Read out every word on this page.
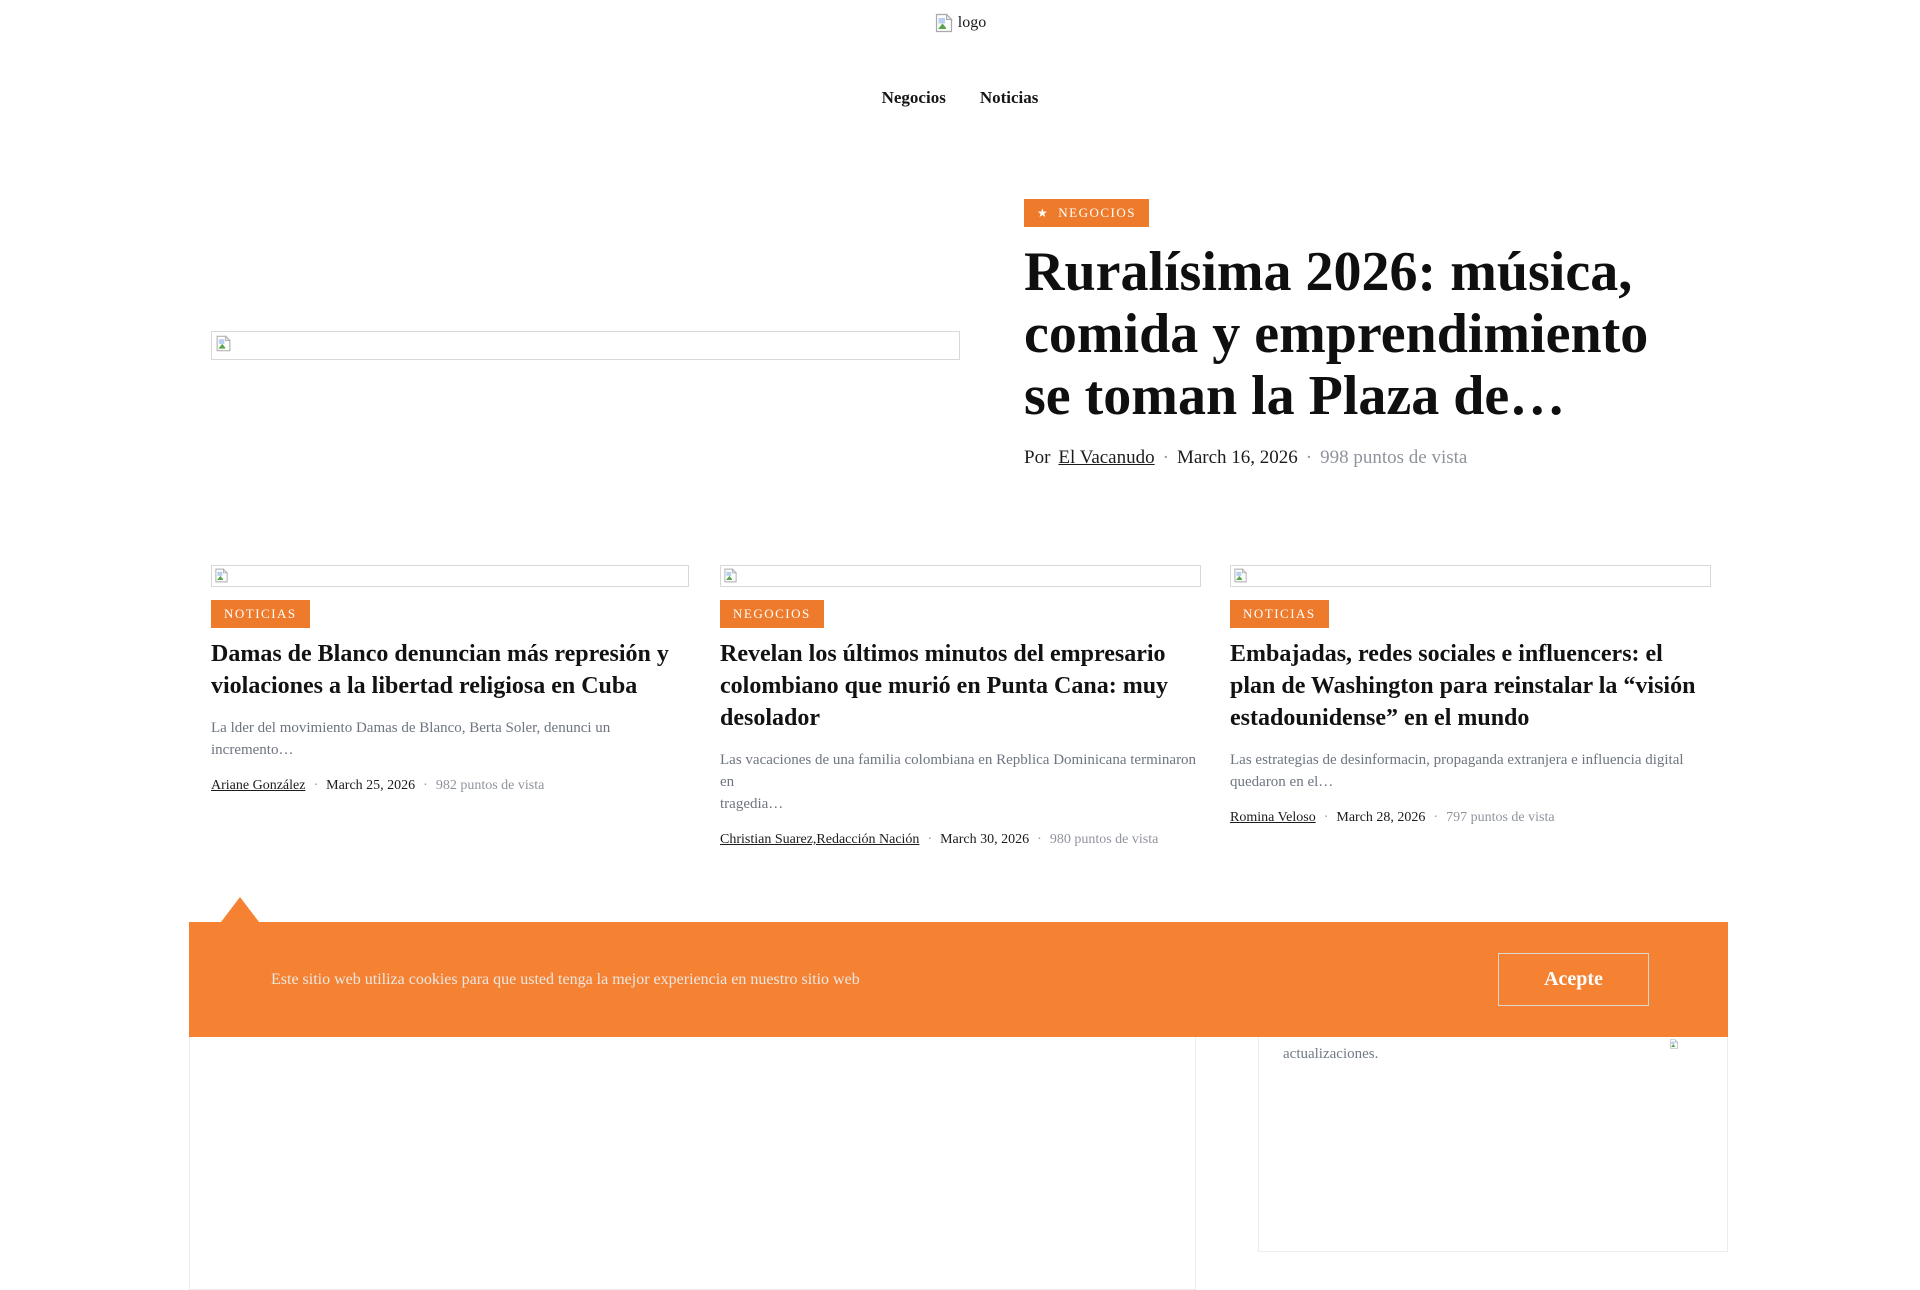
logo
Negocios Noticias
★ NEGOCIOS
Ruralísima 2026: música,
comida y emprendimiento
se toman la Plaza de…
Por El Vacanudo · March 16, 2026 · 998 puntos de vista
NOTICIAS
Damas de Blanco denuncian más represión y
violaciones a la libertad religiosa en Cuba

La lder del movimiento Damas de Blanco, Berta Soler, denunci un incremento…

Ariane González · March 25, 2026 · 982 puntos de vista
NEGOCIOS
Revelan los últimos minutos del empresario
colombiano que murió en Punta Cana: muy
desolador

Las vacaciones de una familia colombiana en Repblica Dominicana terminaron en
tragedia…

Christian Suarez,Redacción Nación · March 30, 2026 · 980 puntos de vista
NOTICIAS
Embajadas, redes sociales e influencers: el
plan de Washington para reinstalar la “visión
estadounidense” en el mundo

Las estrategias de desinformacin, propaganda extranjera e influencia digital
quedaron en el…

Romina Veloso · March 28, 2026 · 797 puntos de vista
actualizaciones.
Este sitio web utiliza cookies para que usted tenga la mejor experiencia en nuestro sitio web	Acepte
